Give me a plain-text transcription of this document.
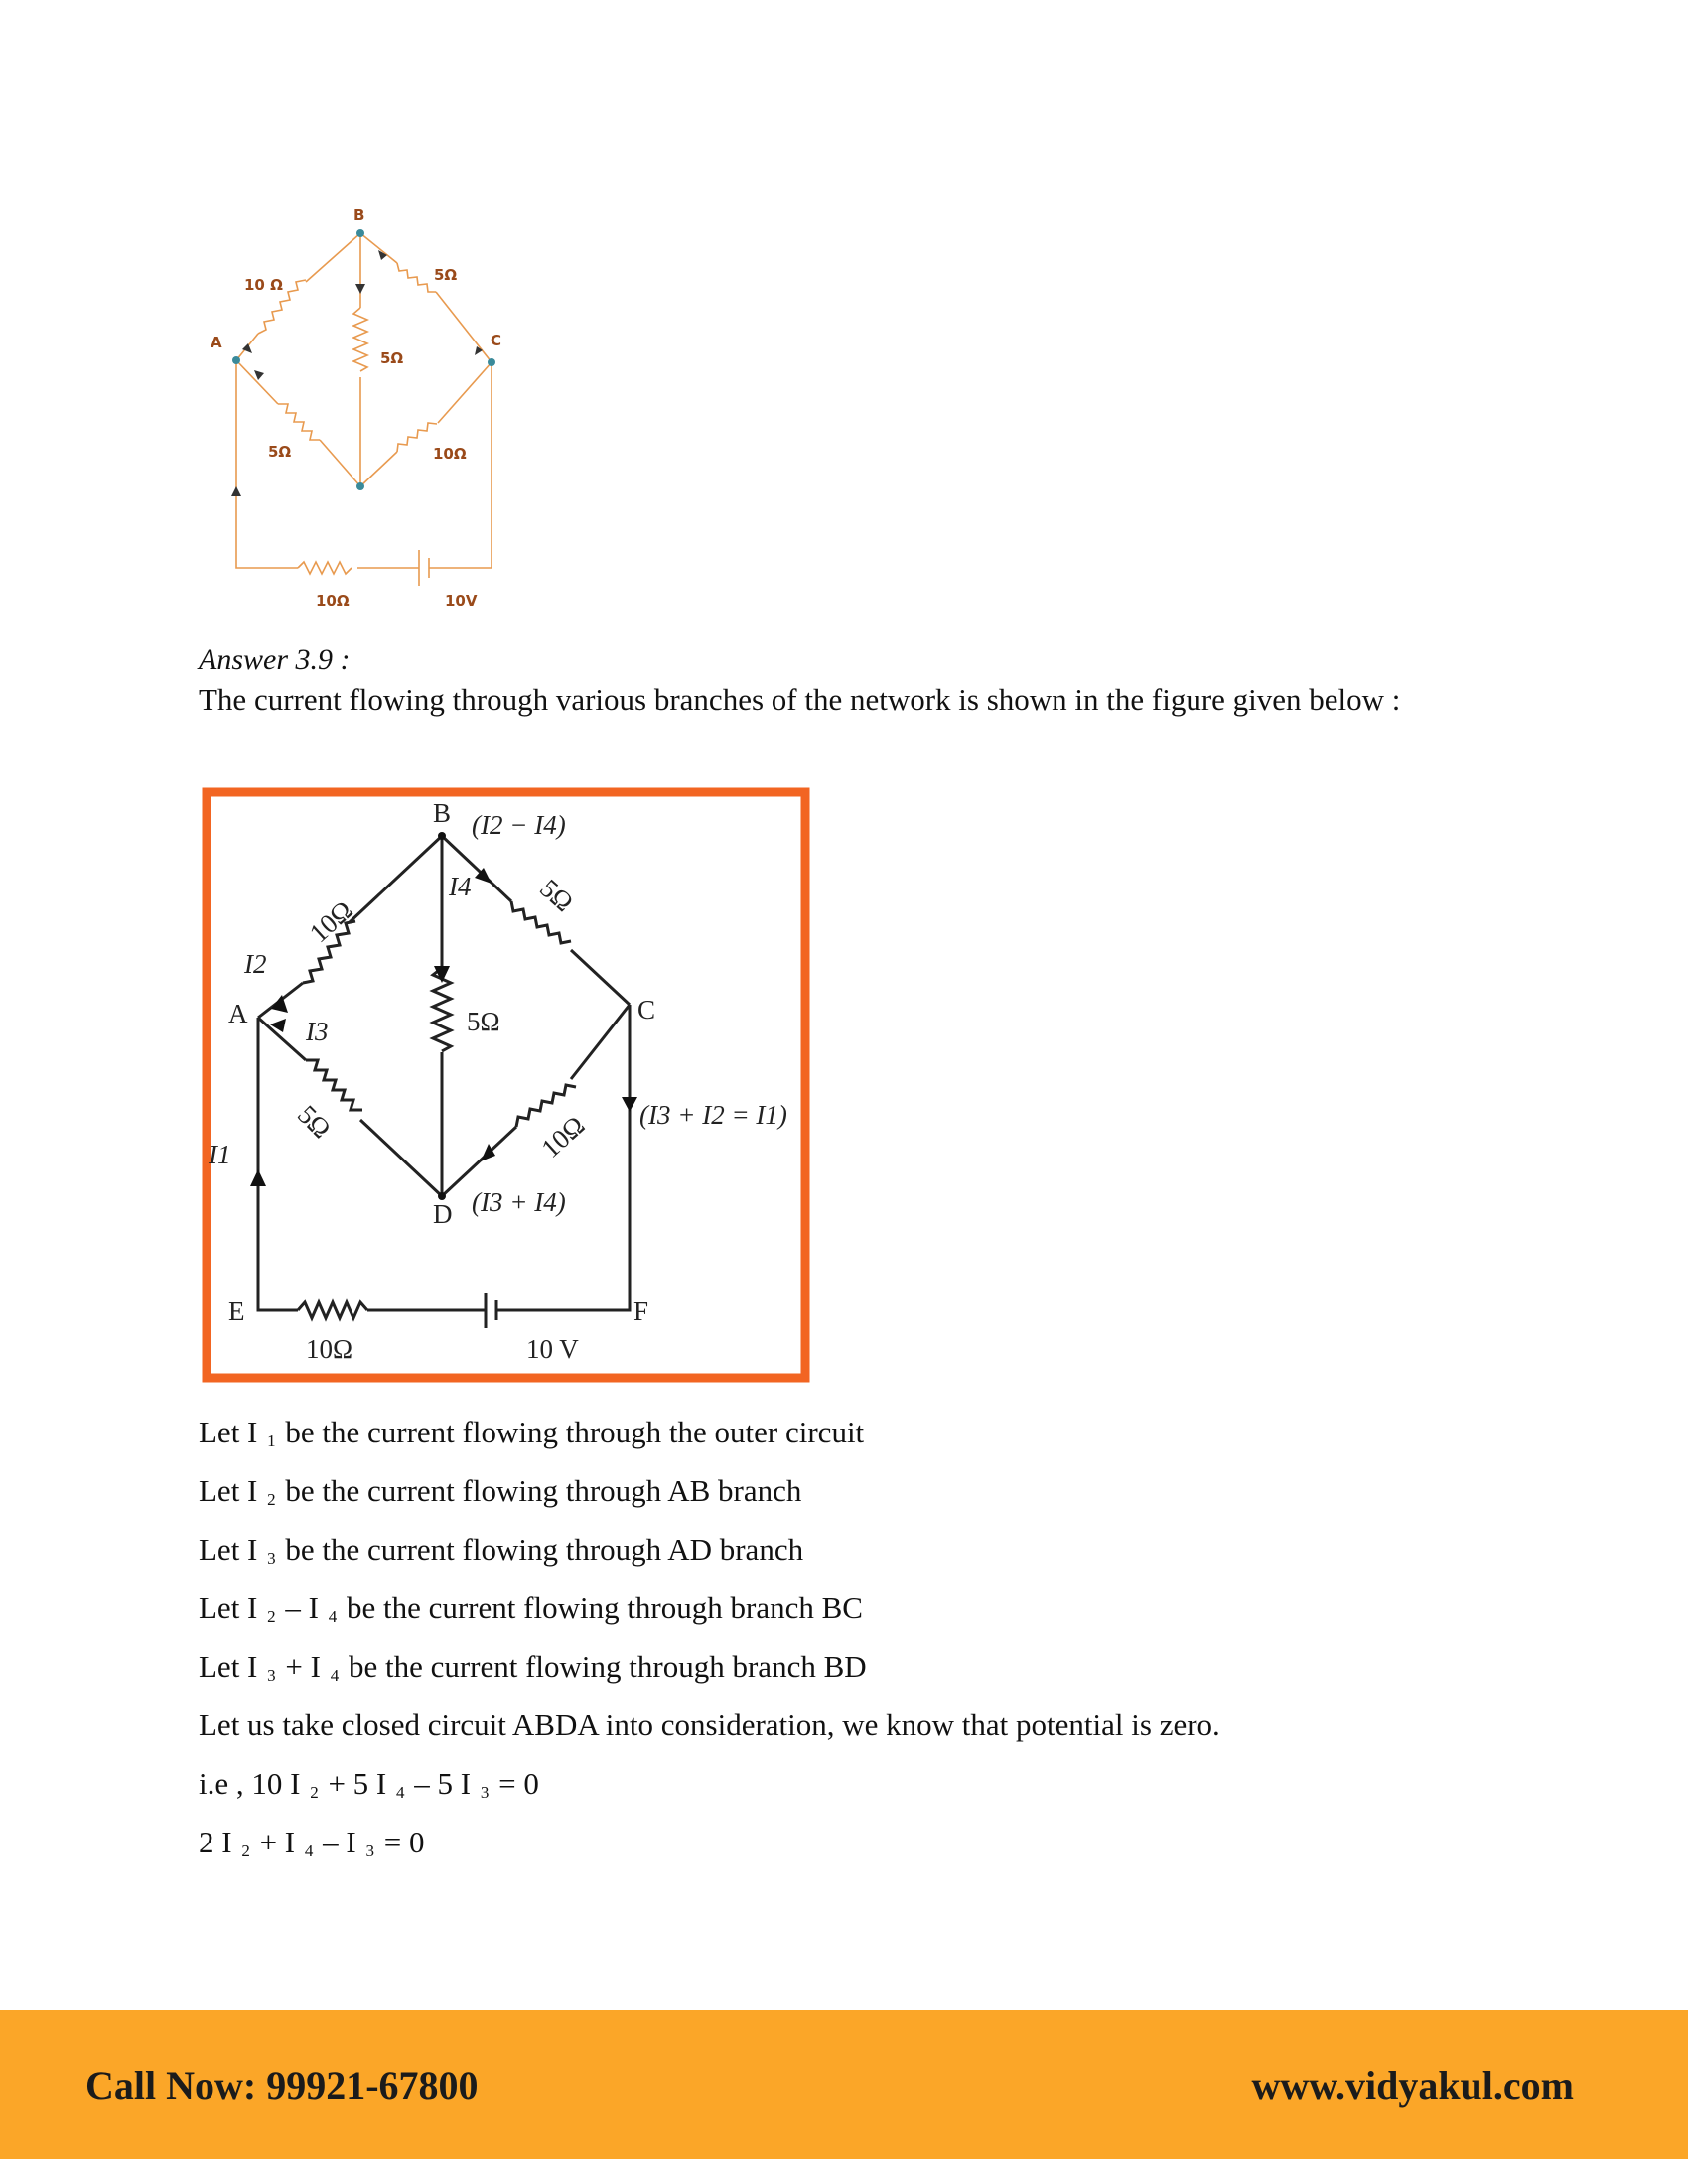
B
A	C
10 Ω
5Ω
5Ω
5Ω	10Ω
10Ω	10V
Answer 3.9 :
The current flowing through various branches of the network is shown in the figure given below :
B
A	C
D
E	F
10Ω	5Ω
5Ω
5Ω	10Ω
10Ω	10 V
I1
I2
I3
I4
(I2 − I4)
(I3 + I4)
(I3 + I2 = I1)
Let I $_1$ be the current flowing through the outer circuit
Let I $_2$ be the current flowing through AB branch
Let I $_3$ be the current flowing through AD branch
Let I $_2$ – I $_4$ be the current flowing through branch BC
Let I $_3$ + I $_4$ be the current flowing through branch BD
Let us take closed circuit ABDA into consideration, we know that potential is zero.
i.e , 10 I $_2$ + 5 I $_4$ – 5 I $_3$ = 0
2 I $_2$ + I $_4$ – I $_3$ = 0
Call Now: 99921-67800	www.vidyakul.com
